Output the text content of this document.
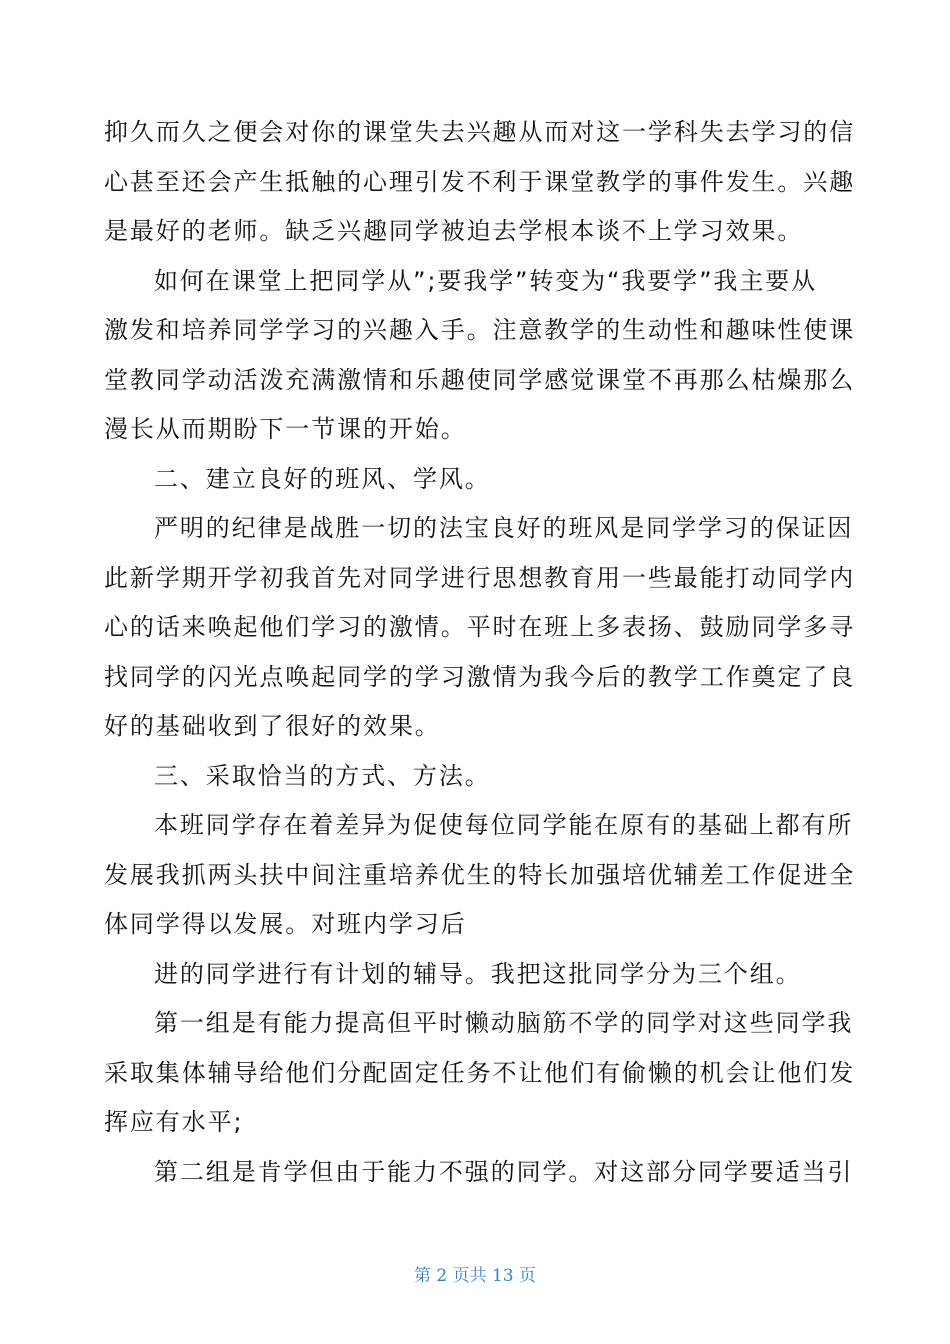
抑久而久之便会对你的课堂失去兴趣从而对这一学科失去学习的信
心甚至还会产生抵触的心理引发不利于课堂教学的事件发生。兴趣
是最好的老师。缺乏兴趣同学被迫去学根本谈不上学习效果。
如何在课堂上把同学从”;要我学”转变为“我要学”我主要从
激发和培养同学学习的兴趣入手。注意教学的生动性和趣味性使课
堂教同学动活泼充满激情和乐趣使同学感觉课堂不再那么枯燥那么
漫长从而期盼下一节课的开始。
二、建立良好的班风、学风。
严明的纪律是战胜一切的法宝良好的班风是同学学习的保证因
此新学期开学初我首先对同学进行思想教育用一些最能打动同学内
心的话来唤起他们学习的激情。平时在班上多表扬、鼓励同学多寻
找同学的闪光点唤起同学的学习激情为我今后的教学工作奠定了良
好的基础收到了很好的效果。
三、采取恰当的方式、方法。
本班同学存在着差异为促使每位同学能在原有的基础上都有所
发展我抓两头扶中间注重培养优生的特长加强培优辅差工作促进全
体同学得以发展。对班内学习后
进的同学进行有计划的辅导。我把这批同学分为三个组。
第一组是有能力提高但平时懒动脑筋不学的同学对这些同学我
采取集体辅导给他们分配固定任务不让他们有偷懒的机会让他们发
挥应有水平;
第二组是肯学但由于能力不强的同学。对这部分同学要适当引
第 2 页共 13 页
